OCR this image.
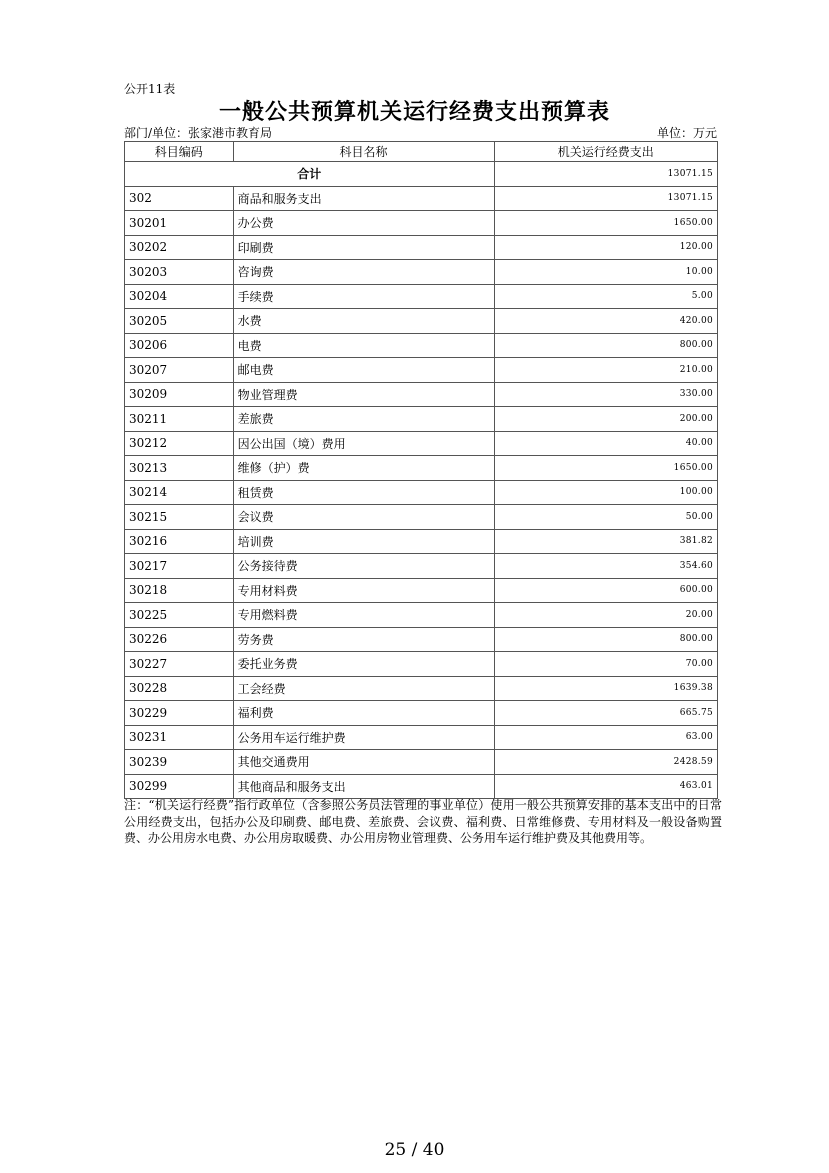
公开11表
一般公共预算机关运行经费支出预算表
部门/单位：张家港市教育局	单位：万元
科目编码	科目名称	机关运行经费支出
合计		13071.15
302	商品和服务支出	13071.15
30201	办公费	1650.00
30202	印刷费	120.00
30203	咨询费	10.00
30204	手续费	5.00
30205	水费	420.00
30206	电费	800.00
30207	邮电费	210.00
30209	物业管理费	330.00
30211	差旅费	200.00
30212	因公出国（境）费用	40.00
30213	维修（护）费	1650.00
30214	租赁费	100.00
30215	会议费	50.00
30216	培训费	381.82
30217	公务接待费	354.60
30218	专用材料费	600.00
30225	专用燃料费	20.00
30226	劳务费	800.00
30227	委托业务费	70.00
30228	工会经费	1639.38
30229	福利费	665.75
30231	公务用车运行维护费	63.00
30239	其他交通费用	2428.59
30299	其他商品和服务支出	463.01
注：“机关运行经费”指行政单位（含参照公务员法管理的事业单位）使用一般公共预算安排的基本支出中的日常公用经费支出，包括办公及印刷费、邮电费、差旅费、会议费、福利费、日常维修费、专用材料及一般设备购置费、办公用房水电费、办公用房取暖费、办公用房物业管理费、公务用车运行维护费及其他费用等。
25 / 40
